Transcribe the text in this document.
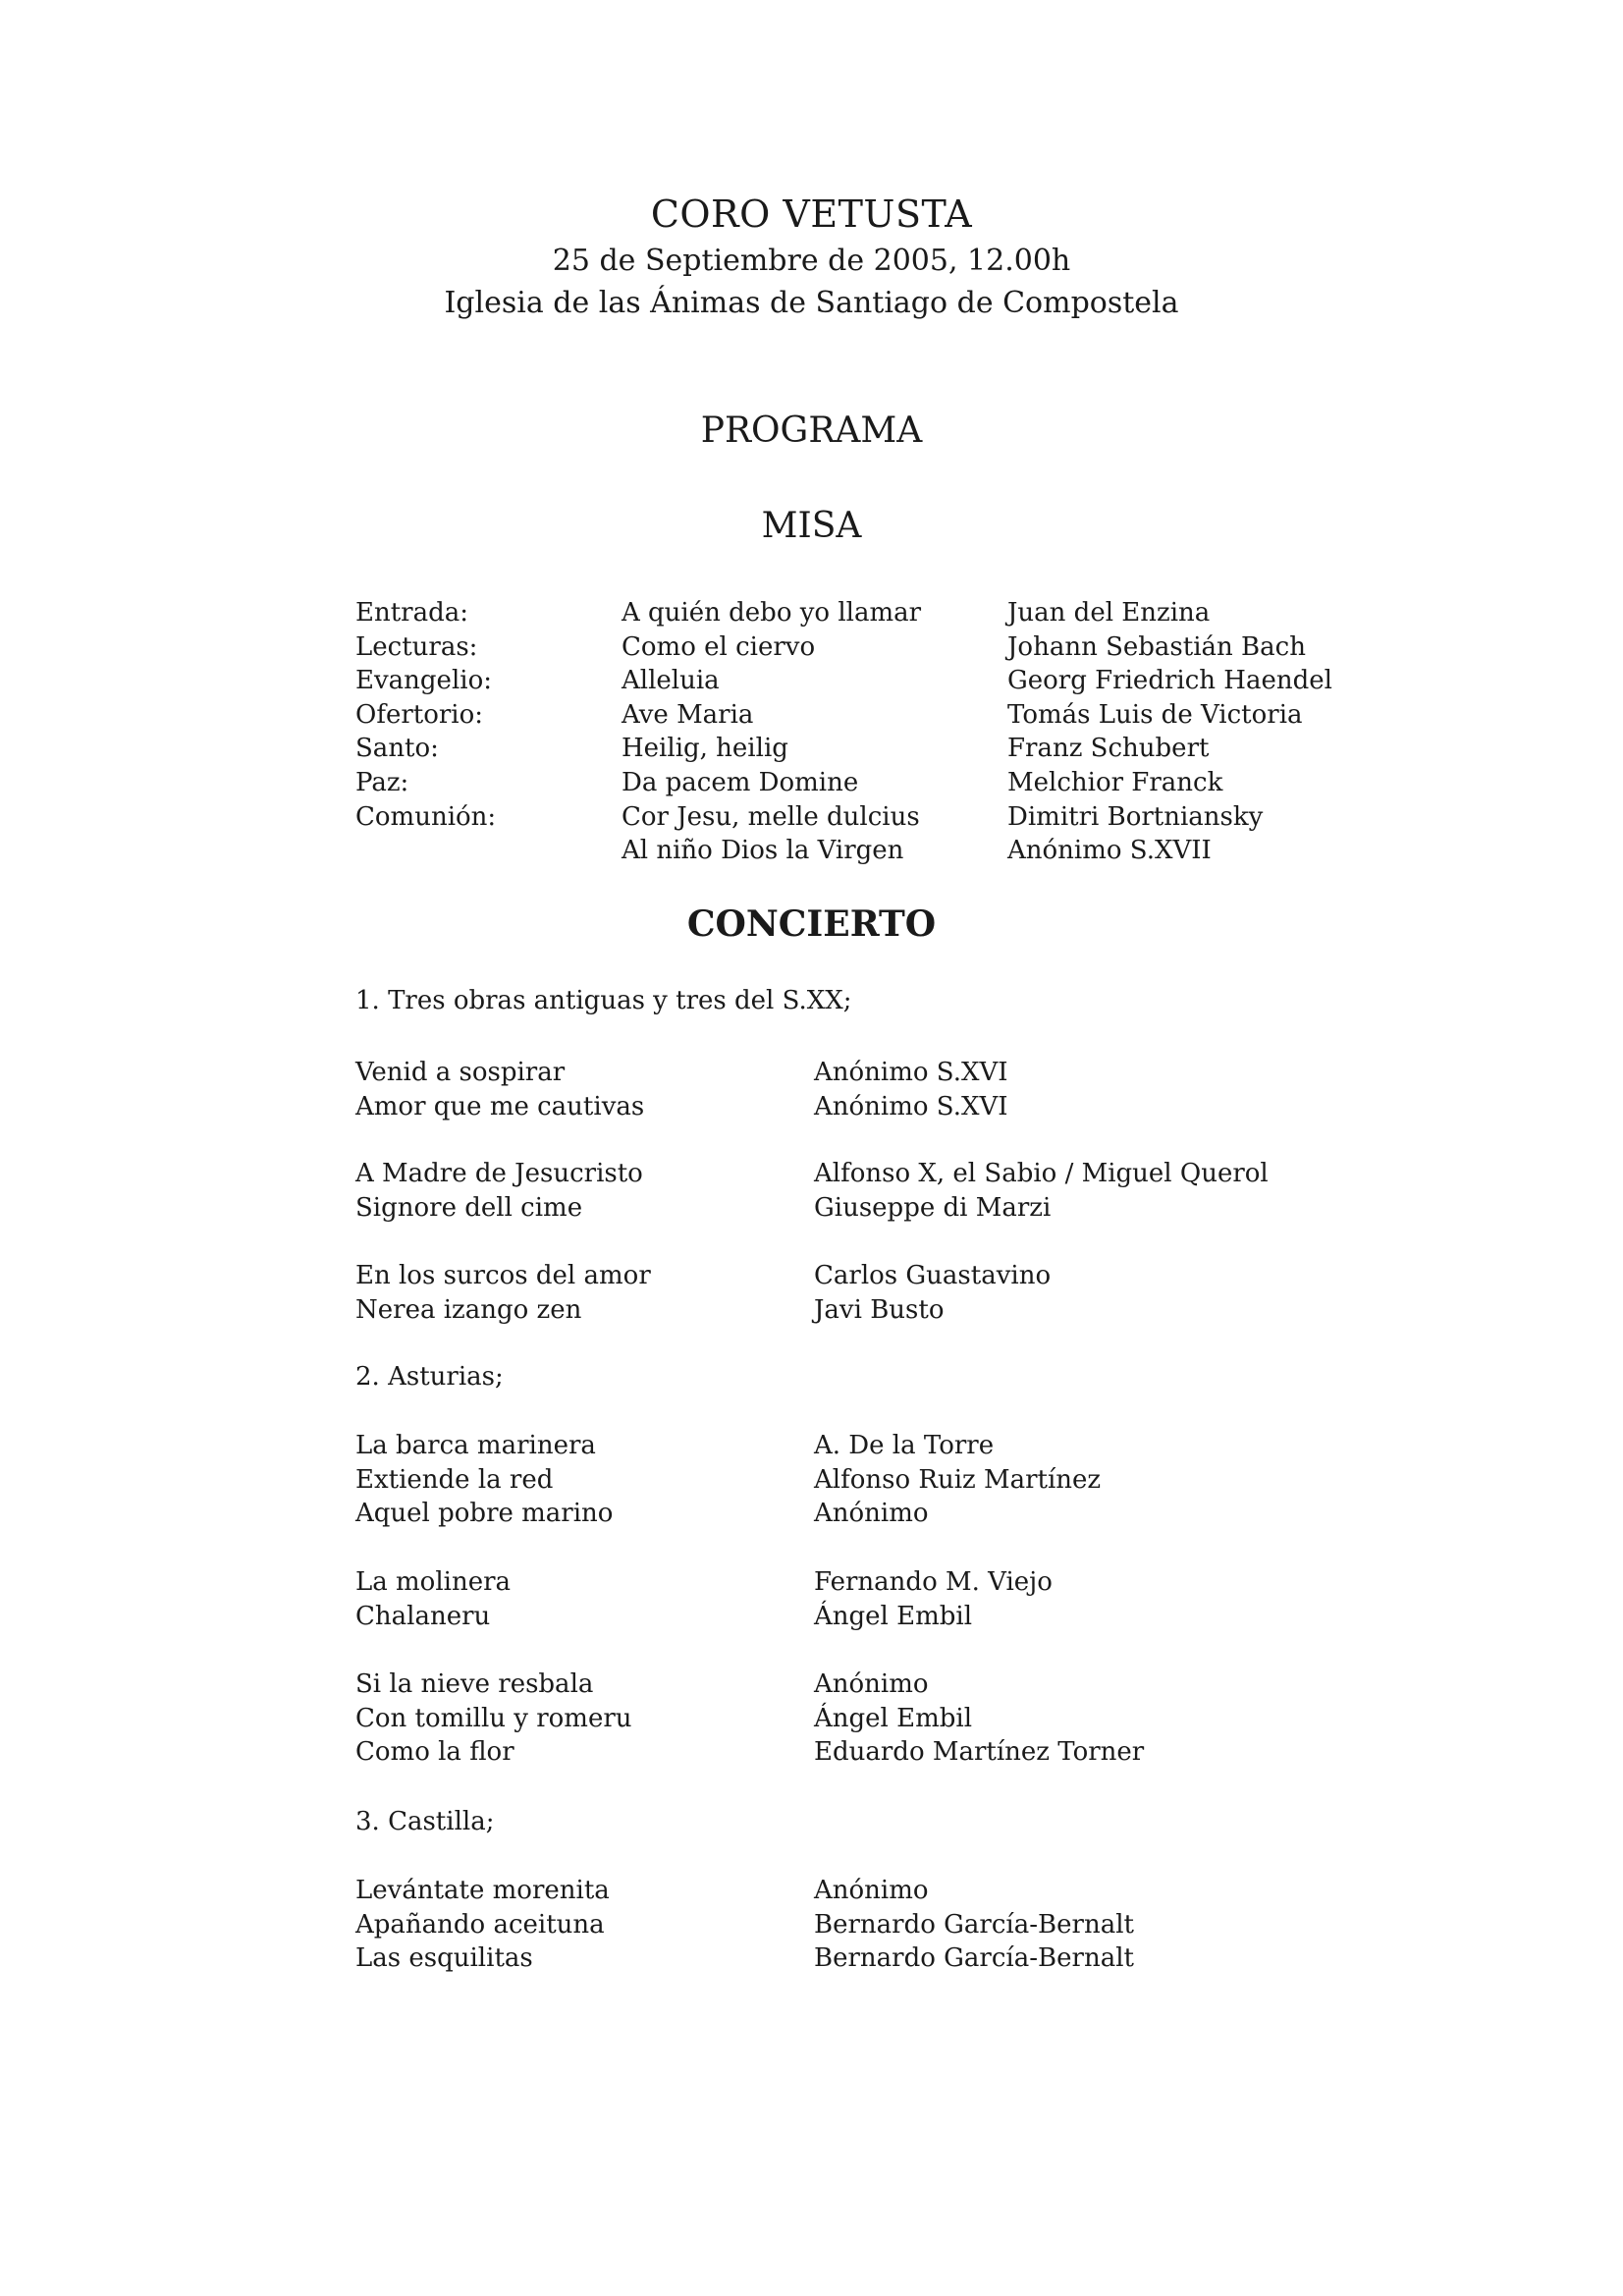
CORO VETUSTA
25 de Septiembre de 2005, 12.00h
Iglesia de las Ánimas de Santiago de Compostela
PROGRAMA
MISA
Entrada:	A quién debo yo llamar	Juan del Enzina
Lecturas:	Como el ciervo	Johann Sebastián Bach
Evangelio:	Alleluia	Georg Friedrich Haendel
Ofertorio:	Ave Maria	Tomás Luis de Victoria
Santo:	Heilig, heilig	Franz Schubert
Paz:	Da pacem Domine	Melchior Franck
Comunión:	Cor Jesu, melle dulcius	Dimitri Bortniansky
Al niño Dios la Virgen	Anónimo S.XVII
CONCIERTO
1. Tres obras antiguas y tres del S.XX;
Venid a sospirar	Anónimo S.XVI
Amor que me cautivas	Anónimo S.XVI
A Madre de Jesucristo	Alfonso X, el Sabio / Miguel Querol
Signore dell cime	Giuseppe di Marzi
En los surcos del amor	Carlos Guastavino
Nerea izango zen	Javi Busto
2. Asturias;
La barca marinera	A. De la Torre
Extiende la red	Alfonso Ruiz Martínez
Aquel pobre marino	Anónimo
La molinera	Fernando M. Viejo
Chalaneru	Ángel Embil
Si la nieve resbala	Anónimo
Con tomillu y romeru	Ángel Embil
Como la flor	Eduardo Martínez Torner
3. Castilla;
Levántate morenita	Anónimo
Apañando aceituna	Bernardo García-Bernalt
Las esquilitas	Bernardo García-Bernalt
